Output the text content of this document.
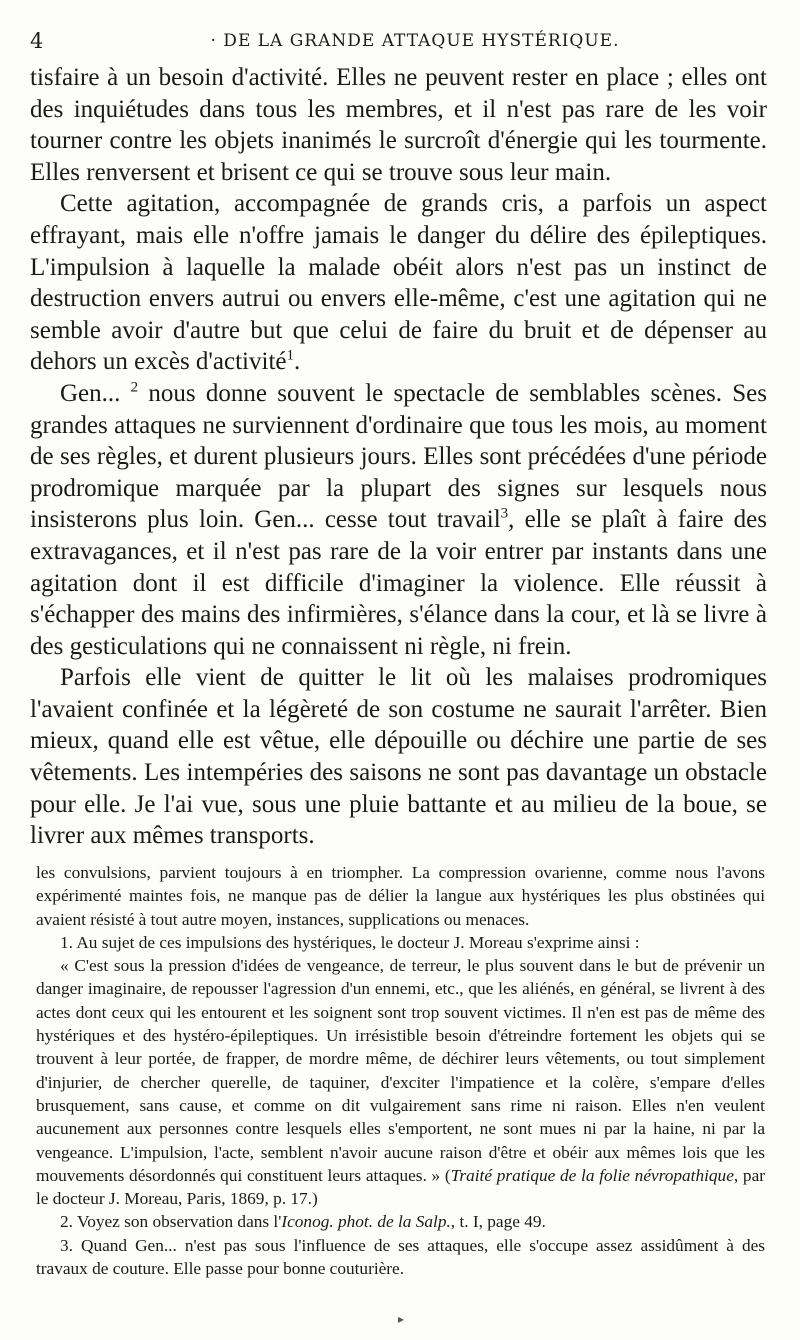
4	· DE LA GRANDE ATTAQUE HYSTÉRIQUE.

tisfaire à un besoin d'activité. Elles ne peuvent rester en place ; elles ont des inquiétudes dans tous les membres, et il n'est pas rare de les voir tourner contre les objets inanimés le surcroît d'énergie qui les tourmente. Elles renversent et brisent ce qui se trouve sous leur main.

Cette agitation, accompagnée de grands cris, a parfois un aspect effrayant, mais elle n'offre jamais le danger du délire des épileptiques. L'impulsion à laquelle la malade obéit alors n'est pas un instinct de destruction envers autrui ou envers elle-même, c'est une agitation qui ne semble avoir d'autre but que celui de faire du bruit et de dépenser au dehors un excès d'activité$^1$.

Gen... $^2$ nous donne souvent le spectacle de semblables scènes. Ses grandes attaques ne surviennent d'ordinaire que tous les mois, au moment de ses règles, et durent plusieurs jours. Elles sont précédées d'une période prodromique marquée par la plupart des signes sur lesquels nous insisterons plus loin. Gen... cesse tout travail$^3$, elle se plaît à faire des extravagances, et il n'est pas rare de la voir entrer par instants dans une agitation dont il est difficile d'imaginer la violence. Elle réussit à s'échapper des mains des infirmières, s'élance dans la cour, et là se livre à des gesticulations qui ne connaissent ni règle, ni frein.

Parfois elle vient de quitter le lit où les malaises prodromiques l'avaient confinée et la légèreté de son costume ne saurait l'arrêter. Bien mieux, quand elle est vêtue, elle dépouille ou déchire une partie de ses vêtements. Les intempéries des saisons ne sont pas davantage un obstacle pour elle. Je l'ai vue, sous une pluie battante et au milieu de la boue, se livrer aux mêmes transports.

les convulsions, parvient toujours à en triompher. La compression ovarienne, comme nous l'avons expérimenté maintes fois, ne manque pas de délier la langue aux hystériques les plus obstinées qui avaient résisté à tout autre moyen, instances, supplications ou menaces.

1. Au sujet de ces impulsions des hystériques, le docteur J. Moreau s'exprime ainsi :

« C'est sous la pression d'idées de vengeance, de terreur, le plus souvent dans le but de prévenir un danger imaginaire, de repousser l'agression d'un ennemi, etc., que les aliénés, en général, se livrent à des actes dont ceux qui les entourent et les soignent sont trop souvent victimes. Il n'en est pas de même des hystériques et des hystéro-épileptiques. Un irrésistible besoin d'étreindre fortement les objets qui se trouvent à leur portée, de frapper, de mordre même, de déchirer leurs vêtements, ou tout simplement d'injurier, de chercher querelle, de taquiner, d'exciter l'impatience et la colère, s'empare d'elles brusquement, sans cause, et comme on dit vulgairement sans rime ni raison. Elles n'en veulent aucunement aux personnes contre lesquels elles s'emportent, ne sont mues ni par la haine, ni par la vengeance. L'impulsion, l'acte, semblent n'avoir aucune raison d'être et obéir aux mêmes lois que les mouvements désordonnés qui constituent leurs attaques. » (Traité pratique de la folie névropathique, par le docteur J. Moreau, Paris, 1869, p. 17.)

2. Voyez son observation dans l'Iconog. phot. de la Salp., t. I, page 49.

3. Quand Gen... n'est pas sous l'influence de ses attaques, elle s'occupe assez assidûment à des travaux de couture. Elle passe pour bonne couturière.

▸
